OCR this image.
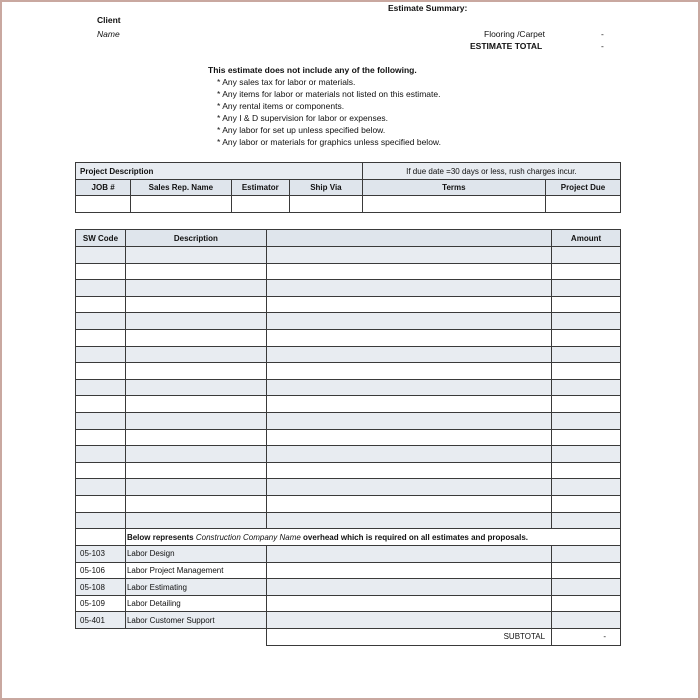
Estimate Summary:
Client
Name	Flooring /Carpet	-
ESTIMATE TOTAL	-
This estimate does not include any of the following.
* Any sales tax for labor or materials.
* Any items for labor or materials not listed on this estimate.
* Any rental items or components.
* Any I & D supervision for labor or expenses.
* Any labor for set up unless specified below.
* Any labor or materials for graphics unless specified below.
Project Description				If due date =30 days or less, rush charges incur.	
JOB #	Sales Rep. Name	Estimator	Ship Via	Terms	Project Due

SW Code	Description		Amount

	Below represents Construction Company Name overhead which is required on all estimates and proposals.		
05-103	Labor Design		
05-106	Labor Project Management		
05-108	Labor Estimating		
05-109	Labor Detailing		
05-401	Labor Customer Support		
		SUBTOTAL	-
